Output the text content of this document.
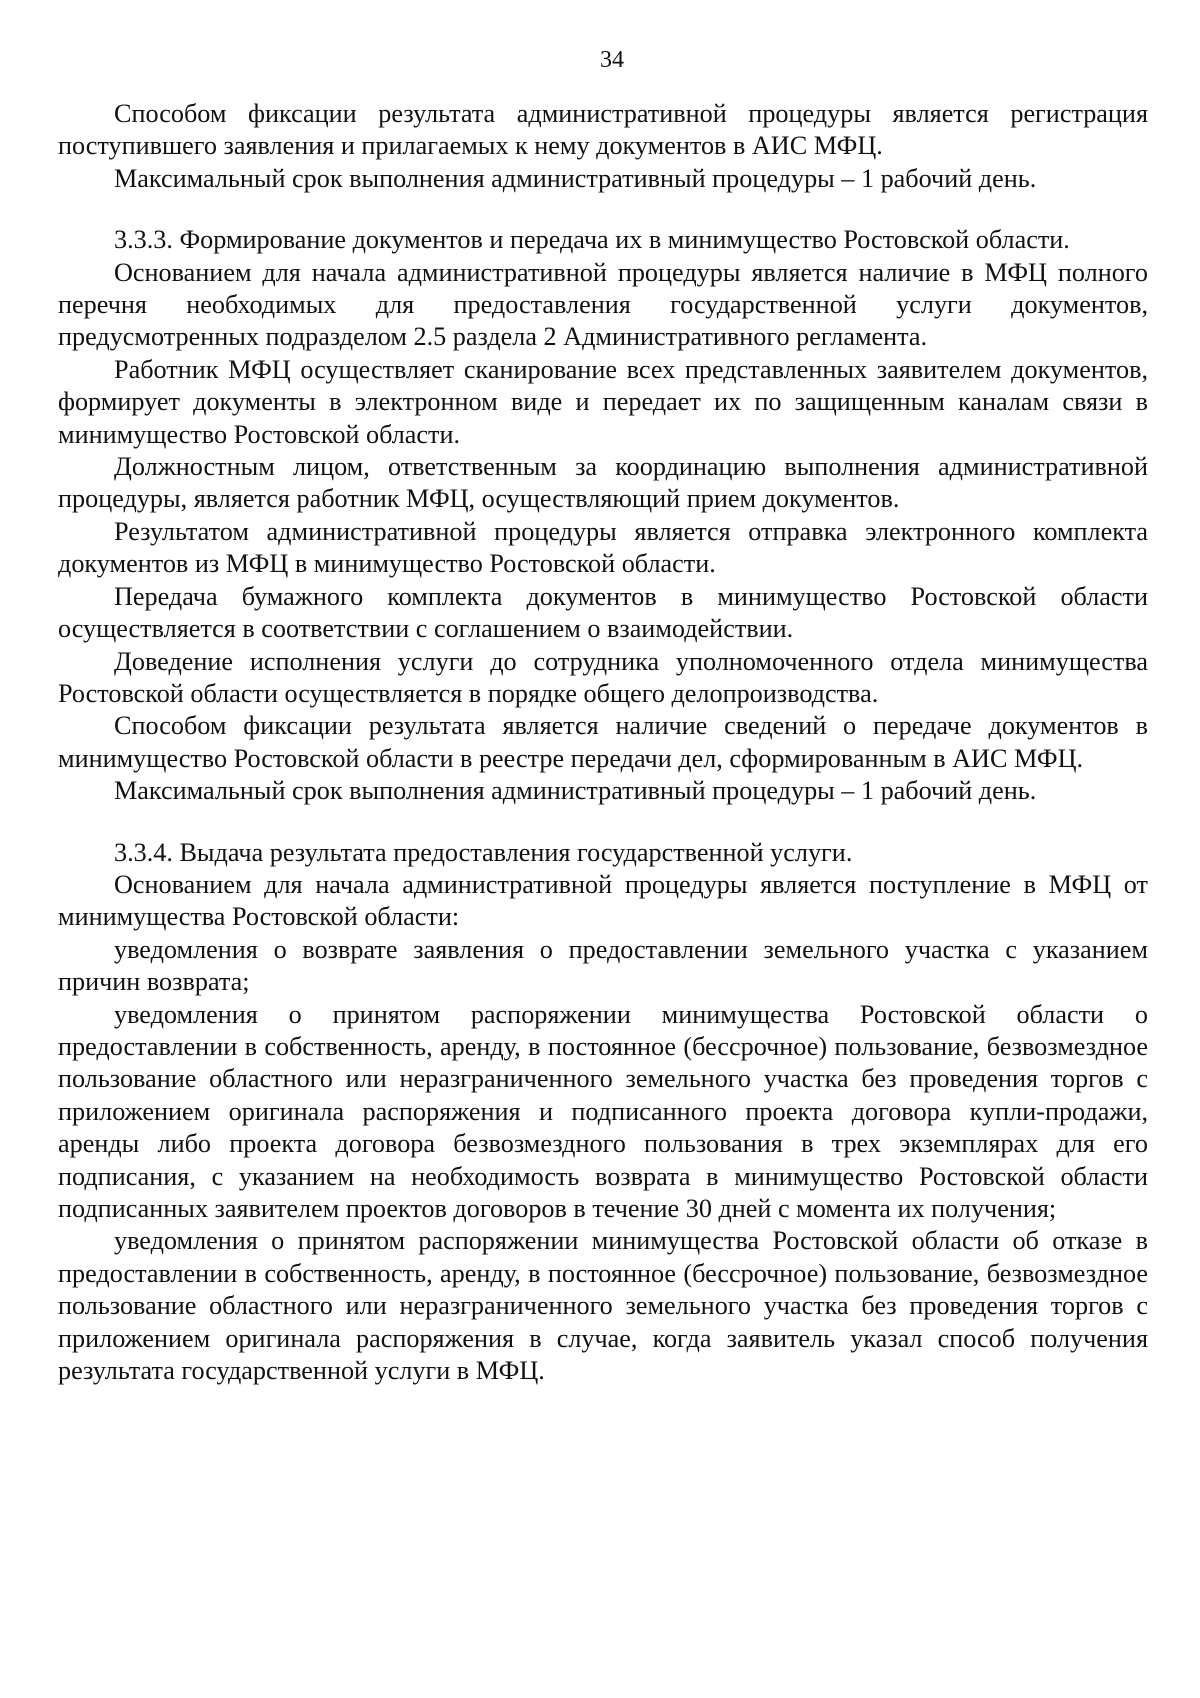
34

Способом фиксации результата административной процедуры является регистрация поступившего заявления и прилагаемых к нему документов в АИС МФЦ.

Максимальный срок выполнения административный процедуры – 1 рабочий день.

3.3.3. Формирование документов и передача их в минимущество Ростовской области.

Основанием для начала административной процедуры является наличие в МФЦ полного перечня необходимых для предоставления государственной услуги документов, предусмотренных подразделом 2.5 раздела 2 Административного регламента.

Работник МФЦ осуществляет сканирование всех представленных заявителем документов, формирует документы в электронном виде и передает их по защищенным каналам связи в минимущество Ростовской области.

Должностным лицом, ответственным за координацию выполнения административной процедуры, является работник МФЦ, осуществляющий прием документов.

Результатом административной процедуры является отправка электронного комплекта документов из МФЦ в минимущество Ростовской области.

Передача бумажного комплекта документов в минимущество Ростовской области осуществляется в соответствии с соглашением о взаимодействии.

Доведение исполнения услуги до сотрудника уполномоченного отдела минимущества Ростовской области осуществляется в порядке общего делопроизводства.

Способом фиксации результата является наличие сведений о передаче документов в минимущество Ростовской области в реестре передачи дел, сформированным в АИС МФЦ.

Максимальный срок выполнения административный процедуры – 1 рабочий день.

3.3.4. Выдача результата предоставления государственной услуги.

Основанием для начала административной процедуры является поступление в МФЦ от минимущества Ростовской области:

уведомления о возврате заявления о предоставлении земельного участка с указанием причин возврата;

уведомления о принятом распоряжении минимущества Ростовской области о предоставлении в собственность, аренду, в постоянное (бессрочное) пользование, безвозмездное пользование областного или неразграниченного земельного участка без проведения торгов с приложением оригинала распоряжения и подписанного проекта договора купли-продажи, аренды либо проекта договора безвозмездного пользования в трех экземплярах для его подписания, с указанием на необходимость возврата в минимущество Ростовской области подписанных заявителем проектов договоров в течение 30 дней с момента их получения;

уведомления о принятом распоряжении минимущества Ростовской области об отказе в предоставлении в собственность, аренду, в постоянное (бессрочное) пользование, безвозмездное пользование областного или неразграниченного земельного участка без проведения торгов с приложением оригинала распоряжения в случае, когда заявитель указал способ получения результата государственной услуги в МФЦ.
